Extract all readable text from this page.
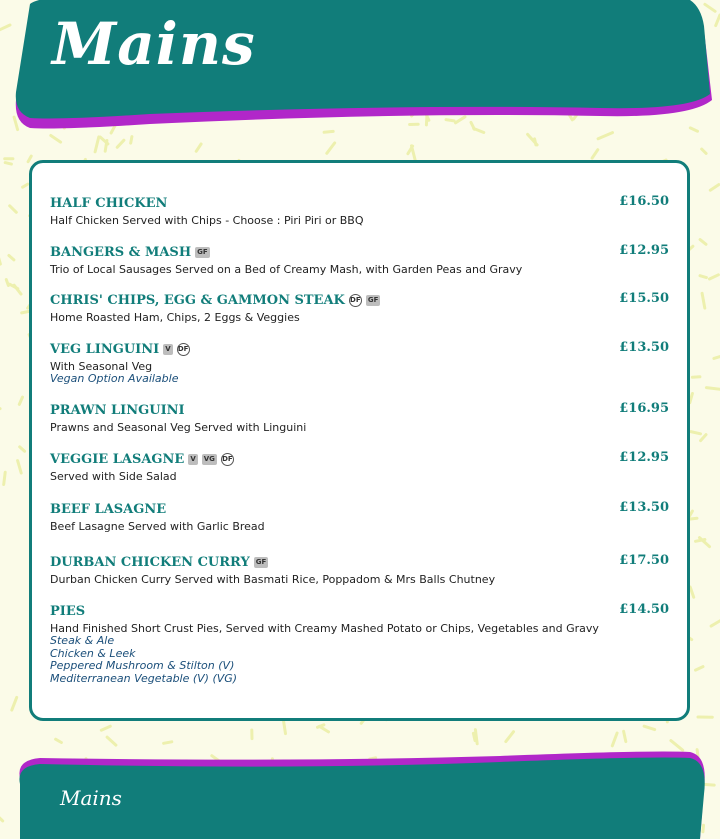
Mains
HALF CHICKEN	£16.50
Half Chicken Served with Chips - Choose : Piri Piri or BBQ
BANGERS & MASH GF	£12.95
Trio of Local Sausages Served on a Bed of Creamy Mash, with Garden Peas and Gravy
CHRIS' CHIPS, EGG & GAMMON STEAK DF GF	£15.50
Home Roasted Ham, Chips, 2 Eggs & Veggies
VEG LINGUINI V DF	£13.50
With Seasonal Veg
Vegan Option Available
PRAWN LINGUINI	£16.95
Prawns and Seasonal Veg Served with Linguini
VEGGIE LASAGNE V VG DF	£12.95
Served with Side Salad
BEEF LASAGNE	£13.50
Beef Lasagne Served with Garlic Bread
DURBAN CHICKEN CURRY GF	£17.50
Durban Chicken Curry Served with Basmati Rice, Poppadom & Mrs Balls Chutney
PIES	£14.50
Hand Finished Short Crust Pies, Served with Creamy Mashed Potato or Chips, Vegetables and Gravy
Steak & Ale
Chicken & Leek
Peppered Mushroom & Stilton (V)
Mediterranean Vegetable (V) (VG)
Mains
